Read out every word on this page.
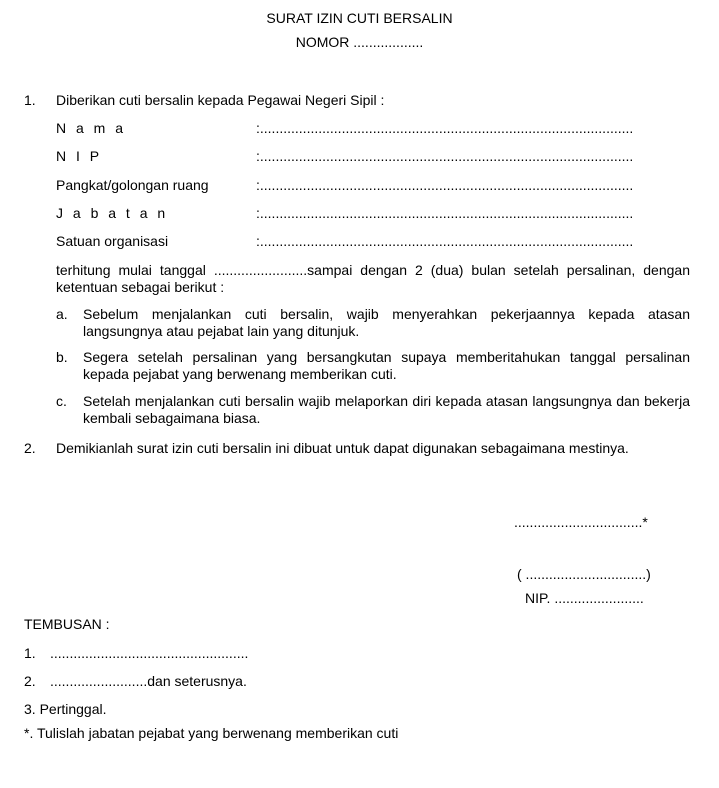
SURAT IZIN CUTI BERSALIN
NOMOR ..................
1. Diberikan cuti bersalin kepada Pegawai Negeri Sipil :
N a m a	:................................................................................................
N I P	:................................................................................................
Pangkat/golongan ruang	:................................................................................................
J a b a t a n	:................................................................................................
Satuan organisasi	:................................................................................................
terhitung mulai tanggal ........................sampai dengan 2 (dua) bulan setelah persalinan, dengan ketentuan sebagai berikut :
a. Sebelum menjalankan cuti bersalin, wajib menyerahkan pekerjaannya kepada atasan langsungnya atau pejabat lain yang ditunjuk.
b. Segera setelah persalinan yang bersangkutan supaya memberitahukan tanggal persalinan kepada pejabat yang berwenang memberikan cuti.
c. Setelah menjalankan cuti bersalin wajib melaporkan diri kepada atasan langsungnya dan bekerja kembali sebagaimana biasa.
2. Demikianlah surat izin cuti bersalin ini dibuat untuk dapat digunakan sebagaimana mestinya.
.................................*
( ...............................)
NIP. .......................
TEMBUSAN :
1. ...................................................
2. .........................dan seterusnya.
3. Pertinggal.
*. Tulislah jabatan pejabat yang berwenang memberikan cuti
